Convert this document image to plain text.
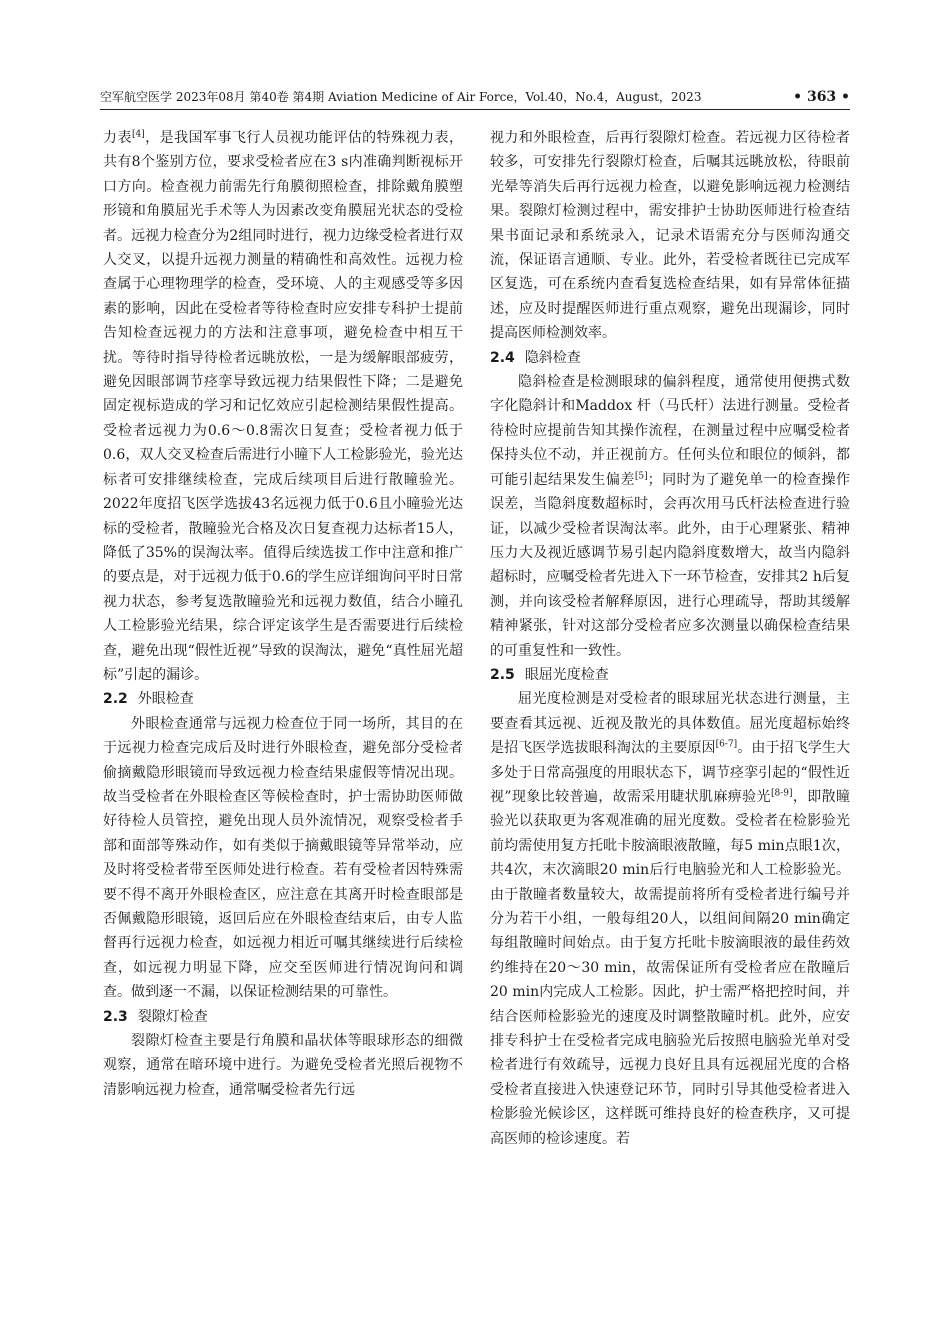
空军航空医学 2023年08月 第40卷 第4期 Aviation Medicine of Air Force，Vol.40，No.4，August，2023	• 363 •

力表[4]，是我国军事飞行人员视功能评估的特殊视力表，共有8个鉴别方位，要求受检者应在3 s内准确判断视标开口方向。检查视力前需先行角膜彻照检查，排除戴角膜塑形镜和角膜屈光手术等人为因素改变角膜屈光状态的受检者。远视力检查分为2组同时进行，视力边缘受检者进行双人交叉，以提升远视力测量的精确性和高效性。远视力检查属于心理物理学的检查，受环境、人的主观感受等多因素的影响，因此在受检者等待检查时应安排专科护士提前告知检查远视力的方法和注意事项，避免检查中相互干扰。等待时指导待检者远眺放松，一是为缓解眼部疲劳，避免因眼部调节痉挛导致远视力结果假性下降；二是避免固定视标造成的学习和记忆效应引起检测结果假性提高。受检者远视力为0.6～0.8需次日复查；受检者视力低于0.6，双人交叉检查后需进行小瞳下人工检影验光，验光达标者可安排继续检查，完成后续项目后进行散瞳验光。2022年度招飞医学选拔43名远视力低于0.6且小瞳验光达标的受检者，散瞳验光合格及次日复查视力达标者15人，降低了35%的误淘汰率。值得后续选拔工作中注意和推广的要点是，对于远视力低于0.6的学生应详细询问平时日常视力状态，参考复选散瞳验光和远视力数值，结合小瞳孔人工检影验光结果，综合评定该学生是否需要进行后续检查，避免出现“假性近视”导致的误淘汰，避免“真性屈光超标”引起的漏诊。

2.2 外眼检查

外眼检查通常与远视力检查位于同一场所，其目的在于远视力检查完成后及时进行外眼检查，避免部分受检者偷摘戴隐形眼镜而导致远视力检查结果虚假等情况出现。故当受检者在外眼检查区等候检查时，护士需协助医师做好待检人员管控，避免出现人员外流情况，观察受检者手部和面部等殊动作，如有类似于摘戴眼镜等异常举动，应及时将受检者带至医师处进行检查。若有受检者因特殊需要不得不离开外眼检查区，应注意在其离开时检查眼部是否佩戴隐形眼镜，返回后应在外眼检查结束后，由专人监督再行远视力检查，如远视力相近可嘱其继续进行后续检查，如远视力明显下降，应交至医师进行情况询问和调查。做到逐一不漏，以保证检测结果的可靠性。

2.3 裂隙灯检查

裂隙灯检查主要是行角膜和晶状体等眼球形态的细微观察，通常在暗环境中进行。为避免受检者光照后视物不清影响远视力检查，通常嘱受检者先行远

视力和外眼检查，后再行裂隙灯检查。若远视力区待检者较多，可安排先行裂隙灯检查，后嘱其远眺放松，待眼前光晕等消失后再行远视力检查，以避免影响远视力检测结果。裂隙灯检测过程中，需安排护士协助医师进行检查结果书面记录和系统录入，记录术语需充分与医师沟通交流，保证语言通顺、专业。此外，若受检者既往已完成军区复选，可在系统内查看复选检查结果，如有异常体征描述，应及时提醒医师进行重点观察，避免出现漏诊，同时提高医师检测效率。

2.4 隐斜检查

隐斜检查是检测眼球的偏斜程度，通常使用便携式数字化隐斜计和Maddox 杆（马氏杆）法进行测量。受检者待检时应提前告知其操作流程，在测量过程中应嘱受检者保持头位不动，并正视前方。任何头位和眼位的倾斜，都可能引起结果发生偏差[5]；同时为了避免单一的检查操作误差，当隐斜度数超标时，会再次用马氏杆法检查进行验证，以减少受检者误淘汰率。此外，由于心理紧张、精神压力大及视近感调节易引起内隐斜度数增大，故当内隐斜超标时，应嘱受检者先进入下一环节检查，安排其2 h后复测，并向该受检者解释原因，进行心理疏导，帮助其缓解精神紧张，针对这部分受检者应多次测量以确保检查结果的可重复性和一致性。

2.5 眼屈光度检查

屈光度检测是对受检者的眼球屈光状态进行测量，主要查看其远视、近视及散光的具体数值。屈光度超标始终是招飞医学选拔眼科淘汰的主要原因[6-7]。由于招飞学生大多处于日常高强度的用眼状态下，调节痉挛引起的“假性近视”现象比较普遍，故需采用睫状肌麻痹验光[8-9]，即散瞳验光以获取更为客观准确的屈光度数。受检者在检影验光前均需使用复方托吡卡胺滴眼液散瞳，每5 min点眼1次，共4次，末次滴眼20 min后行电脑验光和人工检影验光。由于散瞳者数量较大，故需提前将所有受检者进行编号并分为若干小组，一般每组20人，以组间间隔20 min确定每组散瞳时间始点。由于复方托吡卡胺滴眼液的最佳药效约维持在20～30 min，故需保证所有受检者应在散瞳后20 min内完成人工检影。因此，护士需严格把控时间，并结合医师检影验光的速度及时调整散瞳时机。此外，应安排专科护士在受检者完成电脑验光后按照电脑验光单对受检者进行有效疏导，远视力良好且具有远视屈光度的合格受检者直接进入快速登记环节，同时引导其他受检者进入检影验光候诊区，这样既可维持良好的检查秩序，又可提高医师的检诊速度。若
